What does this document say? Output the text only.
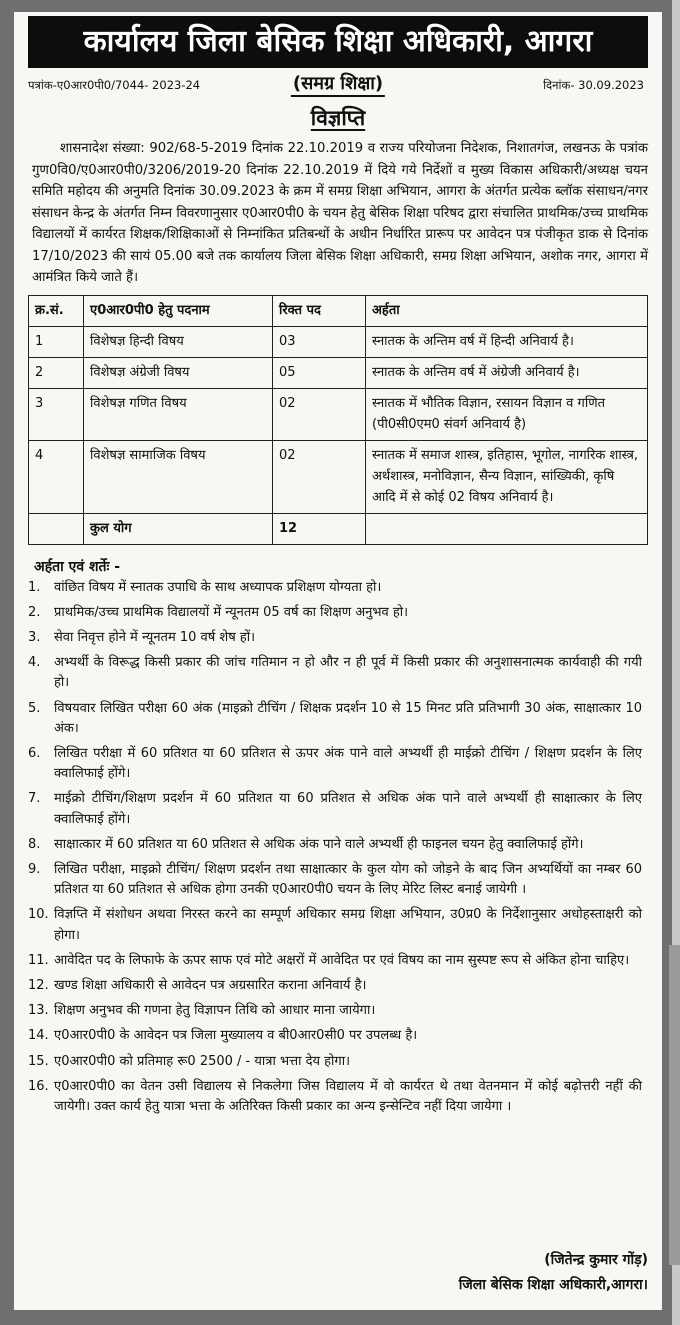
कार्यालय जिला बेसिक शिक्षा अधिकारी, आगरा
पत्रांक-ए0आर0पी0/7044- 2023-24	(समग्र शिक्षा)	दिनांक- 30.09.2023
विज्ञप्ति
शासनादेश संख्या: 902/68-5-2019 दिनांक 22.10.2019 व राज्य परियोजना निदेशक, निशातगंज, लखनऊ के पत्रांक गुण0वि0/ए0आर0पी0/3206/2019-20 दिनांक 22.10.2019 में दिये गये निर्देशों व मुख्य विकास अधिकारी/अध्यक्ष चयन समिति महोदय की अनुमति दिनांक 30.09.2023 के क्रम में समग्र शिक्षा अभियान, आगरा के अंतर्गत प्रत्येक ब्लॉक संसाधन/नगर संसाधन केन्द्र के अंतर्गत निम्न विवरणानुसार ए0आर0पी0 के चयन हेतु बेसिक शिक्षा परिषद द्वारा संचालित प्राथमिक/उच्च प्राथमिक विद्यालयों में कार्यरत शिक्षक/शिक्षिकाओं से निम्नांकित प्रतिबन्धों के अधीन निर्धारित प्रारूप पर आवेदन पत्र पंजीकृत डाक से दिनांक 17/10/2023 की सायं 05.00 बजे तक कार्यालय जिला बेसिक शिक्षा अधिकारी, समग्र शिक्षा अभियान, अशोक नगर, आगरा में आमंत्रित किये जाते हैं।
क्र.सं.	ए0आर0पी0 हेतु पदनाम	रिक्त पद	अर्हता
1	विशेषज्ञ हिन्दी विषय	03	स्नातक के अन्तिम वर्ष में हिन्दी अनिवार्य है।
2	विशेषज्ञ अंग्रेजी विषय	05	स्नातक के अन्तिम वर्ष में अंग्रेजी अनिवार्य है।
3	विशेषज्ञ गणित विषय	02	स्नातक में भौतिक विज्ञान, रसायन विज्ञान व गणित (पी0सी0एम0 संवर्ग अनिवार्य है)
4	विशेषज्ञ सामाजिक विषय	02	स्नातक में समाज शास्त्र, इतिहास, भूगोल, नागरिक शास्त्र, अर्थशास्त्र, मनोविज्ञान, सैन्य विज्ञान, सांख्यिकी, कृषि आदि में से कोई 02 विषय अनिवार्य है।
	कुल योग	12	
अर्हता एवं शर्तेः -
1.	वांछित विषय में स्नातक उपाधि के साथ अध्यापक प्रशिक्षण योग्यता हो।
2.	प्राथमिक/उच्च प्राथमिक विद्यालयों में न्यूनतम 05 वर्ष का शिक्षण अनुभव हो।
3.	सेवा निवृत्त होने में न्यूनतम 10 वर्ष शेष हों।
4.	अभ्यर्थी के विरूद्ध किसी प्रकार की जांच गतिमान न हो और न ही पूर्व में किसी प्रकार की अनुशासनात्मक कार्यवाही की गयी हो।
5.	विषयवार लिखित परीक्षा 60 अंक (माइक्रो टीचिंग / शिक्षक प्रदर्शन 10 से 15 मिनट प्रति प्रतिभागी 30 अंक, साक्षात्कार 10 अंक।
6.	लिखित परीक्षा में 60 प्रतिशत या 60 प्रतिशत से ऊपर अंक पाने वाले अभ्यर्थी ही माईक्रो टीचिंग / शिक्षण प्रदर्शन के लिए क्वालिफाई होंगे।
7.	माईक्रो टीचिंग/शिक्षण प्रदर्शन में 60 प्रतिशत या 60 प्रतिशत से अधिक अंक पाने वाले अभ्यर्थी ही साक्षात्कार के लिए क्वालिफाई होंगे।
8.	साक्षात्कार में 60 प्रतिशत या 60 प्रतिशत से अधिक अंक पाने वाले अभ्यर्थी ही फाइनल चयन हेतु क्वालिफाई होंगे।
9.	लिखित परीक्षा, माइक्रो टीचिंग/ शिक्षण प्रदर्शन तथा साक्षात्कार के कुल योग को जोड़ने के बाद जिन अभ्यर्थियों का नम्बर 60 प्रतिशत या 60 प्रतिशत से अधिक होगा उनकी ए0आर0पी0 चयन के लिए मेरिट लिस्ट बनाई जायेगी ।
10. विज्ञप्ति में संशोधन अथवा निरस्त करने का सम्पूर्ण अधिकार समग्र शिक्षा अभियान, उ0प्र0 के निर्देशानुसार अधोहस्ताक्षरी को होगा।
11. आवेदित पद के लिफाफे के ऊपर साफ एवं मोटे अक्षरों में आवेदित पर एवं विषय का नाम सुस्पष्ट रूप से अंकित होना चाहिए।
12. खण्ड शिक्षा अधिकारी से आवेदन पत्र अग्रसारित कराना अनिवार्य है।
13. शिक्षण अनुभव की गणना हेतु विज्ञापन तिथि को आधार माना जायेगा।
14. ए0आर0पी0 के आवेदन पत्र जिला मुख्यालय व बी0आर0सी0 पर उपलब्ध है।
15. ए0आर0पी0 को प्रतिमाह रू0 2500 / - यात्रा भत्ता देय होगा।
16. ए0आर0पी0 का वेतन उसी विद्यालय से निकलेगा जिस विद्यालय में वो कार्यरत थे तथा वेतनमान में कोई बढ़ोत्तरी नहीं की जायेगी। उक्त कार्य हेतु यात्रा भत्ता के अतिरिक्त किसी प्रकार का अन्य इन्सेन्टिव नहीं दिया जायेगा ।
(जितेन्द्र कुमार गोंड़)
जिला बेसिक शिक्षा अधिकारी,आगरा।
